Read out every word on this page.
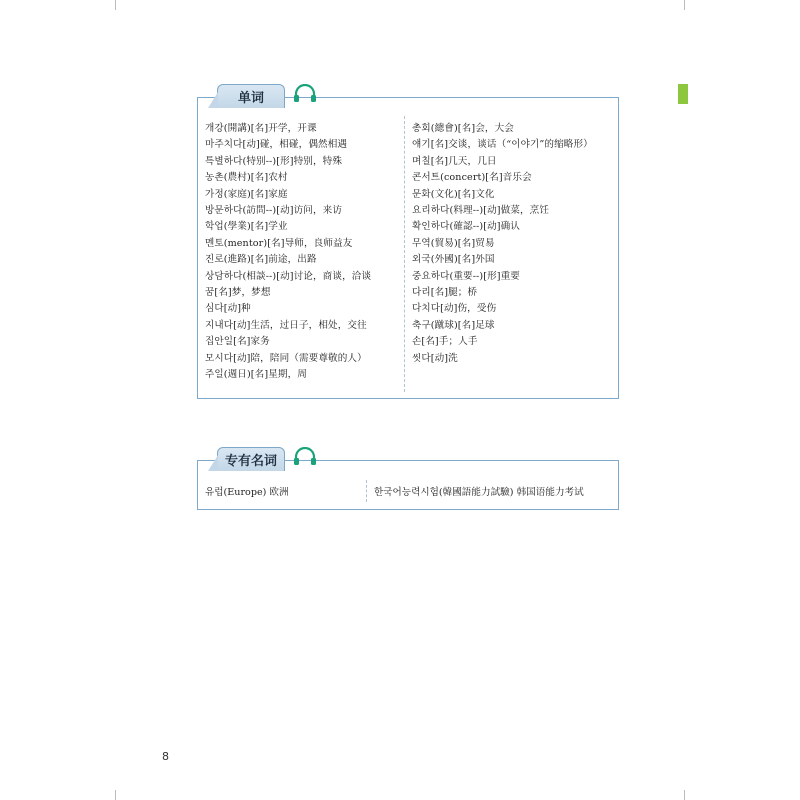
单词
개강(開講)[名]开学，开课
마주치다[动]碰，相碰，偶然相遇
특별하다(特别--)[形]特别，特殊
농촌(農村)[名]农村
가정(家庭)[名]家庭
방문하다(訪問--)[动]访问，来访
학업(學業)[名]学业
멘토(mentor)[名]导师，良师益友
진로(進路)[名]前途，出路
상담하다(相談--)[动]讨论，商谈，洽谈
꿈[名]梦，梦想
심다[动]种
지내다[动]生活，过日子，相处，交往
집안일[名]家务
모시다[动]陪，陪同（需要尊敬的人）
주일(週日)[名]星期，周
총회(總會)[名]会，大会
얘기[名]交谈，谈话（“이야기”的缩略形）
며칠[名]几天，几日
콘서트(concert)[名]音乐会
문화(文化)[名]文化
요리하다(料理--)[动]做菜，烹饪
확인하다(確認--)[动]确认
무역(貿易)[名]贸易
외국(外國)[名]外国
중요하다(重要--)[形]重要
다리[名]腿；桥
다치다[动]伤，受伤
축구(蹴球)[名]足球
손[名]手；人手
씻다[动]洗
专有名词
유럽(Europe) 欧洲	한국어능력시험(韓國語能力試驗) 韩国语能力考试
8
